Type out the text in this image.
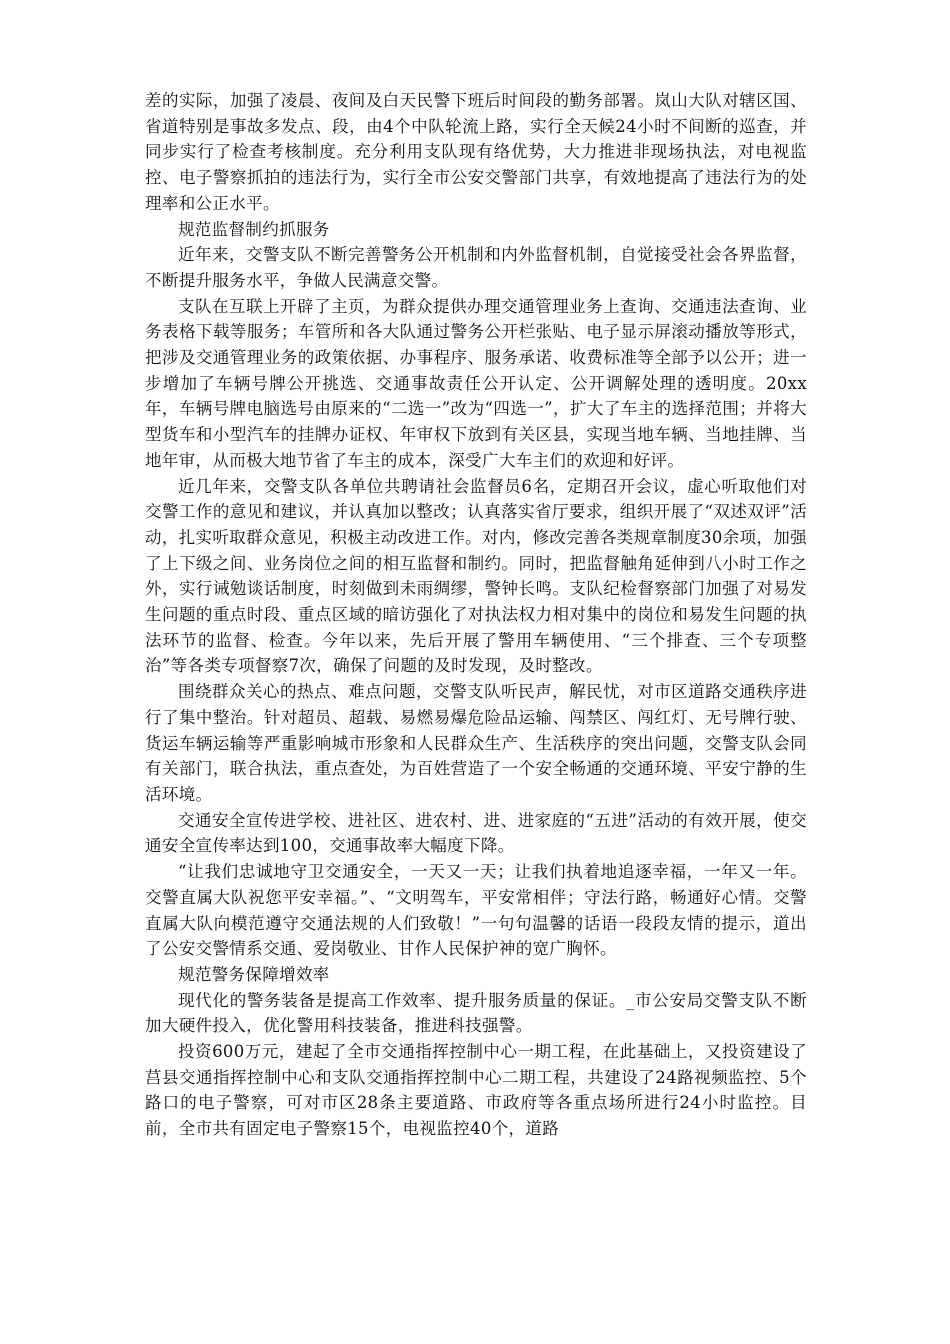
差的实际，加强了凌晨、夜间及白天民警下班后时间段的勤务部署。岚山大队对辖区国、省道特别是事故多发点、段，由4个中队轮流上路，实行全天候24小时不间断的巡查，并同步实行了检查考核制度。充分利用支队现有络优势，大力推进非现场执法，对电视监控、电子警察抓拍的违法行为，实行全市公安交警部门共享，有效地提高了违法行为的处理率和公正水平。

规范监督制约抓服务

近年来，交警支队不断完善警务公开机制和内外监督机制，自觉接受社会各界监督，不断提升服务水平，争做人民满意交警。

支队在互联上开辟了主页，为群众提供办理交通管理业务上查询、交通违法查询、业务表格下载等服务；车管所和各大队通过警务公开栏张贴、电子显示屏滚动播放等形式，把涉及交通管理业务的政策依据、办事程序、服务承诺、收费标准等全部予以公开；进一步增加了车辆号牌公开挑选、交通事故责任公开认定、公开调解处理的透明度。20xx年，车辆号牌电脑选号由原来的“二选一”改为“四选一”，扩大了车主的选择范围；并将大型货车和小型汽车的挂牌办证权、年审权下放到有关区县，实现当地车辆、当地挂牌、当地年审，从而极大地节省了车主的成本，深受广大车主们的欢迎和好评。

近几年来，交警支队各单位共聘请社会监督员6名，定期召开会议，虚心听取他们对交警工作的意见和建议，并认真加以整改；认真落实省厅要求，组织开展了“双述双评”活动，扎实听取群众意见，积极主动改进工作。对内，修改完善各类规章制度30余项，加强了上下级之间、业务岗位之间的相互监督和制约。同时，把监督触角延伸到八小时工作之外，实行诫勉谈话制度，时刻做到未雨绸缪，警钟长鸣。支队纪检督察部门加强了对易发生问题的重点时段、重点区域的暗访强化了对执法权力相对集中的岗位和易发生问题的执法环节的监督、检查。今年以来，先后开展了警用车辆使用、“三个排查、三个专项整治”等各类专项督察7次，确保了问题的及时发现，及时整改。

围绕群众关心的热点、难点问题，交警支队听民声，解民忧，对市区道路交通秩序进行了集中整治。针对超员、超载、易燃易爆危险品运输、闯禁区、闯红灯、无号牌行驶、货运车辆运输等严重影响城市形象和人民群众生产、生活秩序的突出问题，交警支队会同有关部门，联合执法，重点查处，为百姓营造了一个安全畅通的交通环境、平安宁静的生活环境。

交通安全宣传进学校、进社区、进农村、进、进家庭的“五进”活动的有效开展，使交通安全宣传率达到100，交通事故率大幅度下降。

“让我们忠诚地守卫交通安全，一天又一天；让我们执着地追逐幸福，一年又一年。交警直属大队祝您平安幸福。”、“文明驾车，平安常相伴；守法行路，畅通好心情。交警直属大队向模范遵守交通法规的人们致敬！”一句句温馨的话语一段段友情的提示，道出了公安交警情系交通、爱岗敬业、甘作人民保护神的宽广胸怀。

规范警务保障增效率

现代化的警务装备是提高工作效率、提升服务质量的保证。_市公安局交警支队不断加大硬件投入，优化警用科技装备，推进科技强警。

投资600万元，建起了全市交通指挥控制中心一期工程，在此基础上，又投资建设了莒县交通指挥控制中心和支队交通指挥控制中心二期工程，共建设了24路视频监控、5个路口的电子警察，可对市区28条主要道路、市政府等各重点场所进行24小时监控。目前，全市共有固定电子警察15个，电视监控40个，道路
